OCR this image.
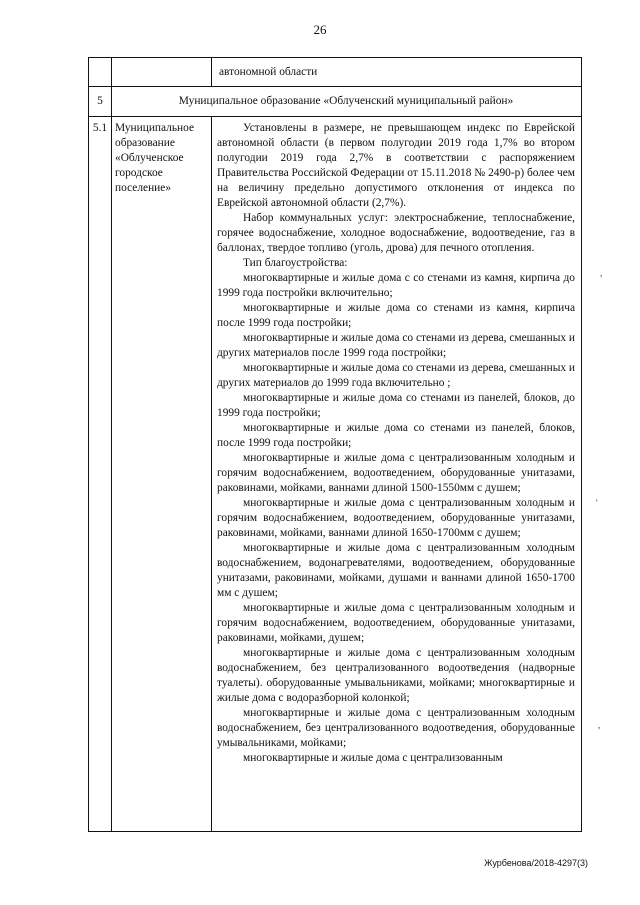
26
автономной области
5	Муниципальное образование «Облученский муниципальный район»
5.1 Муниципальное
образование
«Облученское
городское
поселение»

Установлены в размере, не превышающем индекс по Еврейской автономной области (в первом полугодии 2019 года 1,7% во втором полугодии 2019 года 2,7% в соответствии с распоряжением Правительства Российской Федерации от 15.11.2018 № 2490-р) более чем на величину предельно допустимого отклонения от индекса по Еврейской автономной области (2,7%).

Набор коммунальных услуг: электроснабжение, теплоснабжение, горячее водоснабжение, холодное водоснабжение, водоотведение, газ в баллонах, твердое топливо (уголь, дрова) для печного отопления.

Тип благоустройства:

многоквартирные и жилые дома с со стенами из камня, кирпича до 1999 года постройки включительно;

многоквартирные и жилые дома со стенами из камня, кирпича после 1999 года постройки;

многоквартирные и жилые дома со стенами из дерева, смешанных и других материалов после 1999 года постройки;

многоквартирные и жилые дома со стенами из дерева, смешанных и других материалов до 1999 года включительно ;

многоквартирные и жилые дома со стенами из панелей, блоков, до 1999 года постройки;

многоквартирные и жилые дома со стенами из панелей, блоков, после 1999 года постройки;

многоквартирные и жилые дома с централизованным холодным и горячим водоснабжением, водоотведением, оборудованные унитазами, раковинами, мойками, ваннами длиной 1500-1550мм с душем;

многоквартирные и жилые дома с централизованным холодным и горячим водоснабжением, водоотведением, оборудованные унитазами, раковинами, мойками, ваннами длиной 1650-1700мм с душем;

многоквартирные и жилые дома с централизованным холодным водоснабжением, водонагревателями, водоотведением, оборудованные унитазами, раковинами, мойками, душами и ваннами длиной 1650-1700 мм с душем;

многоквартирные и жилые дома с централизованным холодным и горячим водоснабжением, водоотведением, оборудованные унитазами, раковинами, мойками, душем;

многоквартирные и жилые дома с централизованным холодным водоснабжением, без централизованного водоотведения (надворные туалеты). оборудованные умывальниками, мойками; многоквартирные и жилые дома с водоразборной колонкой;

многоквартирные и жилые дома с централизованным холодным водоснабжением, без централизованного водоотведения, оборудованные умывальниками, мойками;

многоквартирные и жилые дома с централизованным

,
'
,
Журбенова/2018-4297(3)
